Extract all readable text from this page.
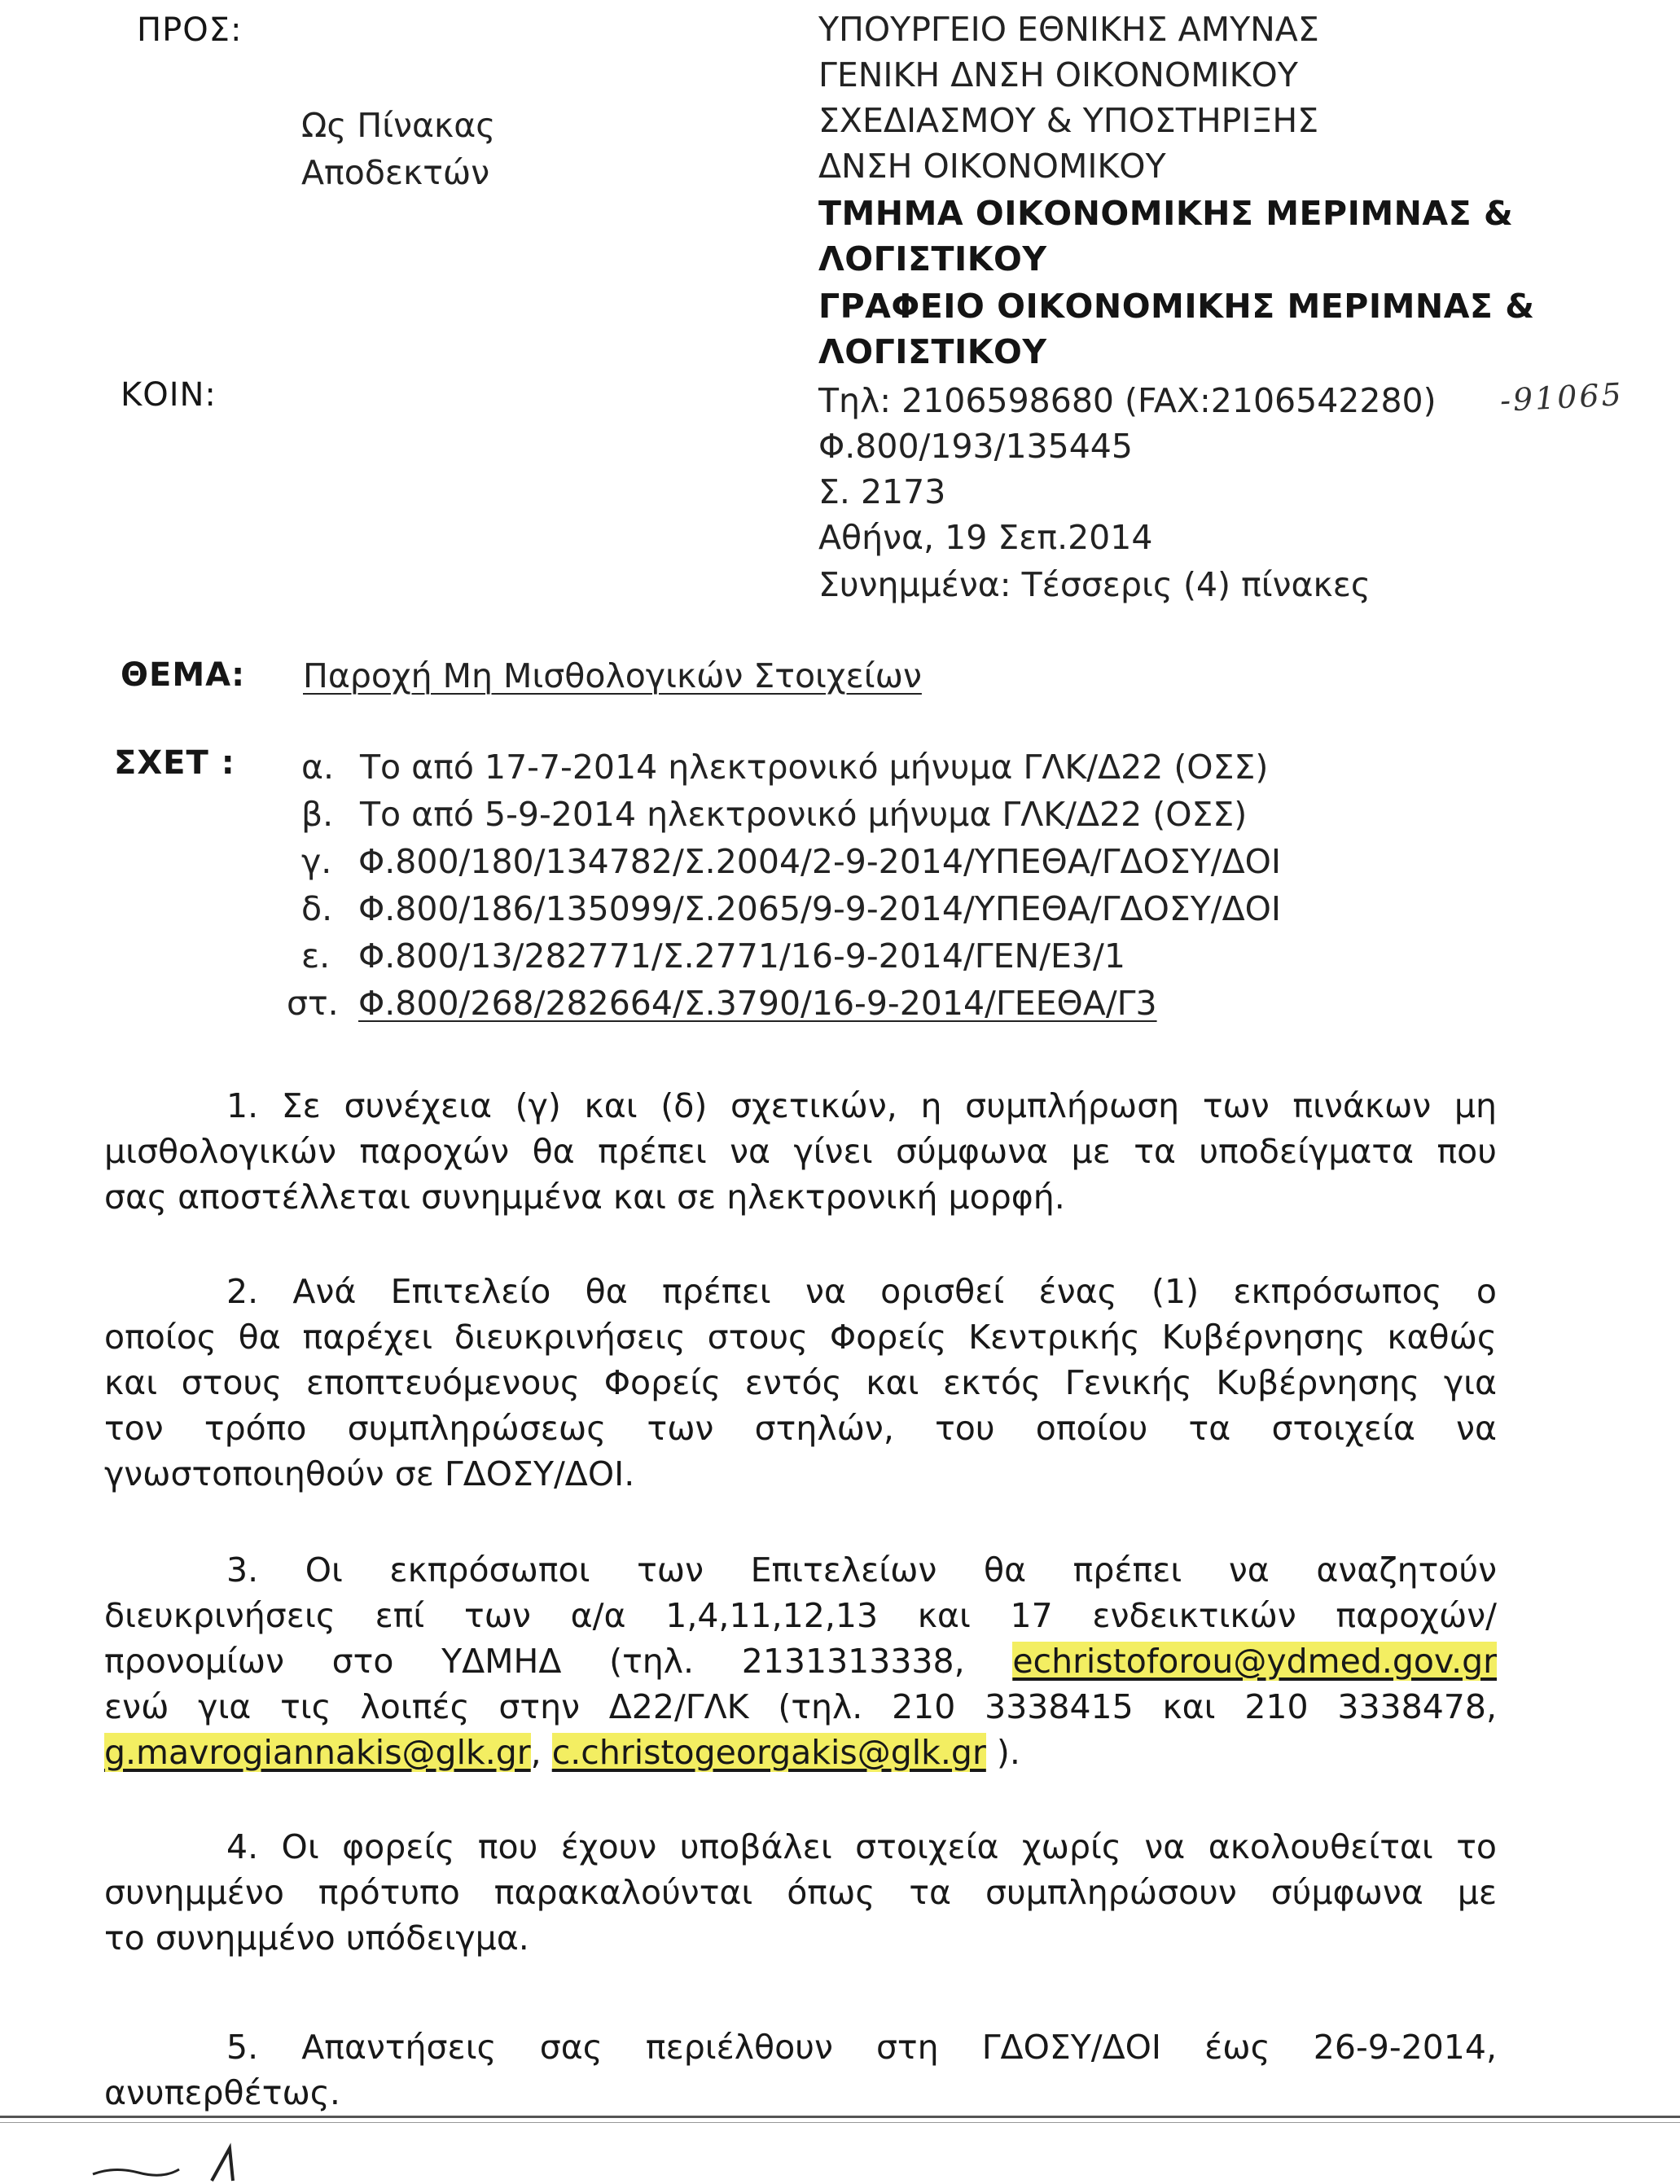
ΠΡΟΣ:
Ως Πίνακας
Αποδεκτών
ΚΟΙΝ:
ΥΠΟΥΡΓΕΙΟ ΕΘΝΙΚΗΣ ΑΜΥΝΑΣ
ΓΕΝΙΚΗ ΔΝΣΗ ΟΙΚΟΝΟΜΙΚΟΥ
ΣΧΕΔΙΑΣΜΟΥ & ΥΠΟΣΤΗΡΙΞΗΣ
ΔΝΣΗ ΟΙΚΟΝΟΜΙΚΟΥ
ΤΜΗΜΑ ΟΙΚΟΝΟΜΙΚΗΣ ΜΕΡΙΜΝΑΣ &
ΛΟΓΙΣΤΙΚΟΥ
ΓΡΑΦΕΙΟ ΟΙΚΟΝΟΜΙΚΗΣ ΜΕΡΙΜΝΑΣ &
ΛΟΓΙΣΤΙΚΟΥ
Τηλ: 2106598680 (FAX:2106542280) -91065
Φ.800/193/135445
Σ. 2173
Αθήνα, 19 Σεπ.2014
Συνημμένα: Τέσσερις (4) πίνακες
ΘΕΜΑ: Παροχή Μη Μισθολογικών Στοιχείων
ΣΧΕΤ : α. Το από 17-7-2014 ηλεκτρονικό μήνυμα ΓΛΚ/Δ22 (ΟΣΣ)
β. Το από 5-9-2014 ηλεκτρονικό μήνυμα ΓΛΚ/Δ22 (ΟΣΣ)
γ. Φ.800/180/134782/Σ.2004/2-9-2014/ΥΠΕΘΑ/ΓΔΟΣΥ/ΔΟΙ
δ. Φ.800/186/135099/Σ.2065/9-9-2014/ΥΠΕΘΑ/ΓΔΟΣΥ/ΔΟΙ
ε. Φ.800/13/282771/Σ.2771/16-9-2014/ΓΕΝ/Ε3/1
στ. Φ.800/268/282664/Σ.3790/16-9-2014/ΓΕΕΘΑ/Γ3
1. Σε συνέχεια (γ) και (δ) σχετικών, η συμπλήρωση των πινάκων μη
μισθολογικών παροχών θα πρέπει να γίνει σύμφωνα με τα υποδείγματα που
σας αποστέλλεται συνημμένα και σε ηλεκτρονική μορφή.
2. Ανά Επιτελείο θα πρέπει να ορισθεί ένας (1) εκπρόσωπος ο
οποίος θα παρέχει διευκρινήσεις στους Φορείς Κεντρικής Κυβέρνησης καθώς
και στους εποπτευόμενους Φορείς εντός και εκτός Γενικής Κυβέρνησης για
τον τρόπο συμπληρώσεως των στηλών, του οποίου τα στοιχεία να
γνωστοποιηθούν σε ΓΔΟΣΥ/ΔΟΙ.
3. Οι εκπρόσωποι των Επιτελείων θα πρέπει να αναζητούν
διευκρινήσεις επί των α/α 1,4,11,12,13 και 17 ενδεικτικών παροχών/
προνομίων στο ΥΔΜΗΔ (τηλ. 2131313338, echristoforou@ydmed.gov.gr
ενώ για τις λοιπές στην Δ22/ΓΛΚ (τηλ. 210 3338415 και 210 3338478,
g.mavrogiannakis@glk.gr, c.christogeorgakis@glk.gr ).
4. Οι φορείς που έχουν υποβάλει στοιχεία χωρίς να ακολουθείται το
συνημμένο πρότυπο παρακαλούνται όπως τα συμπληρώσουν σύμφωνα με
το συνημμένο υπόδειγμα.
5. Απαντήσεις σας περιέλθουν στη ΓΔΟΣΥ/ΔΟΙ έως 26-9-2014,
ανυπερθέτως.
